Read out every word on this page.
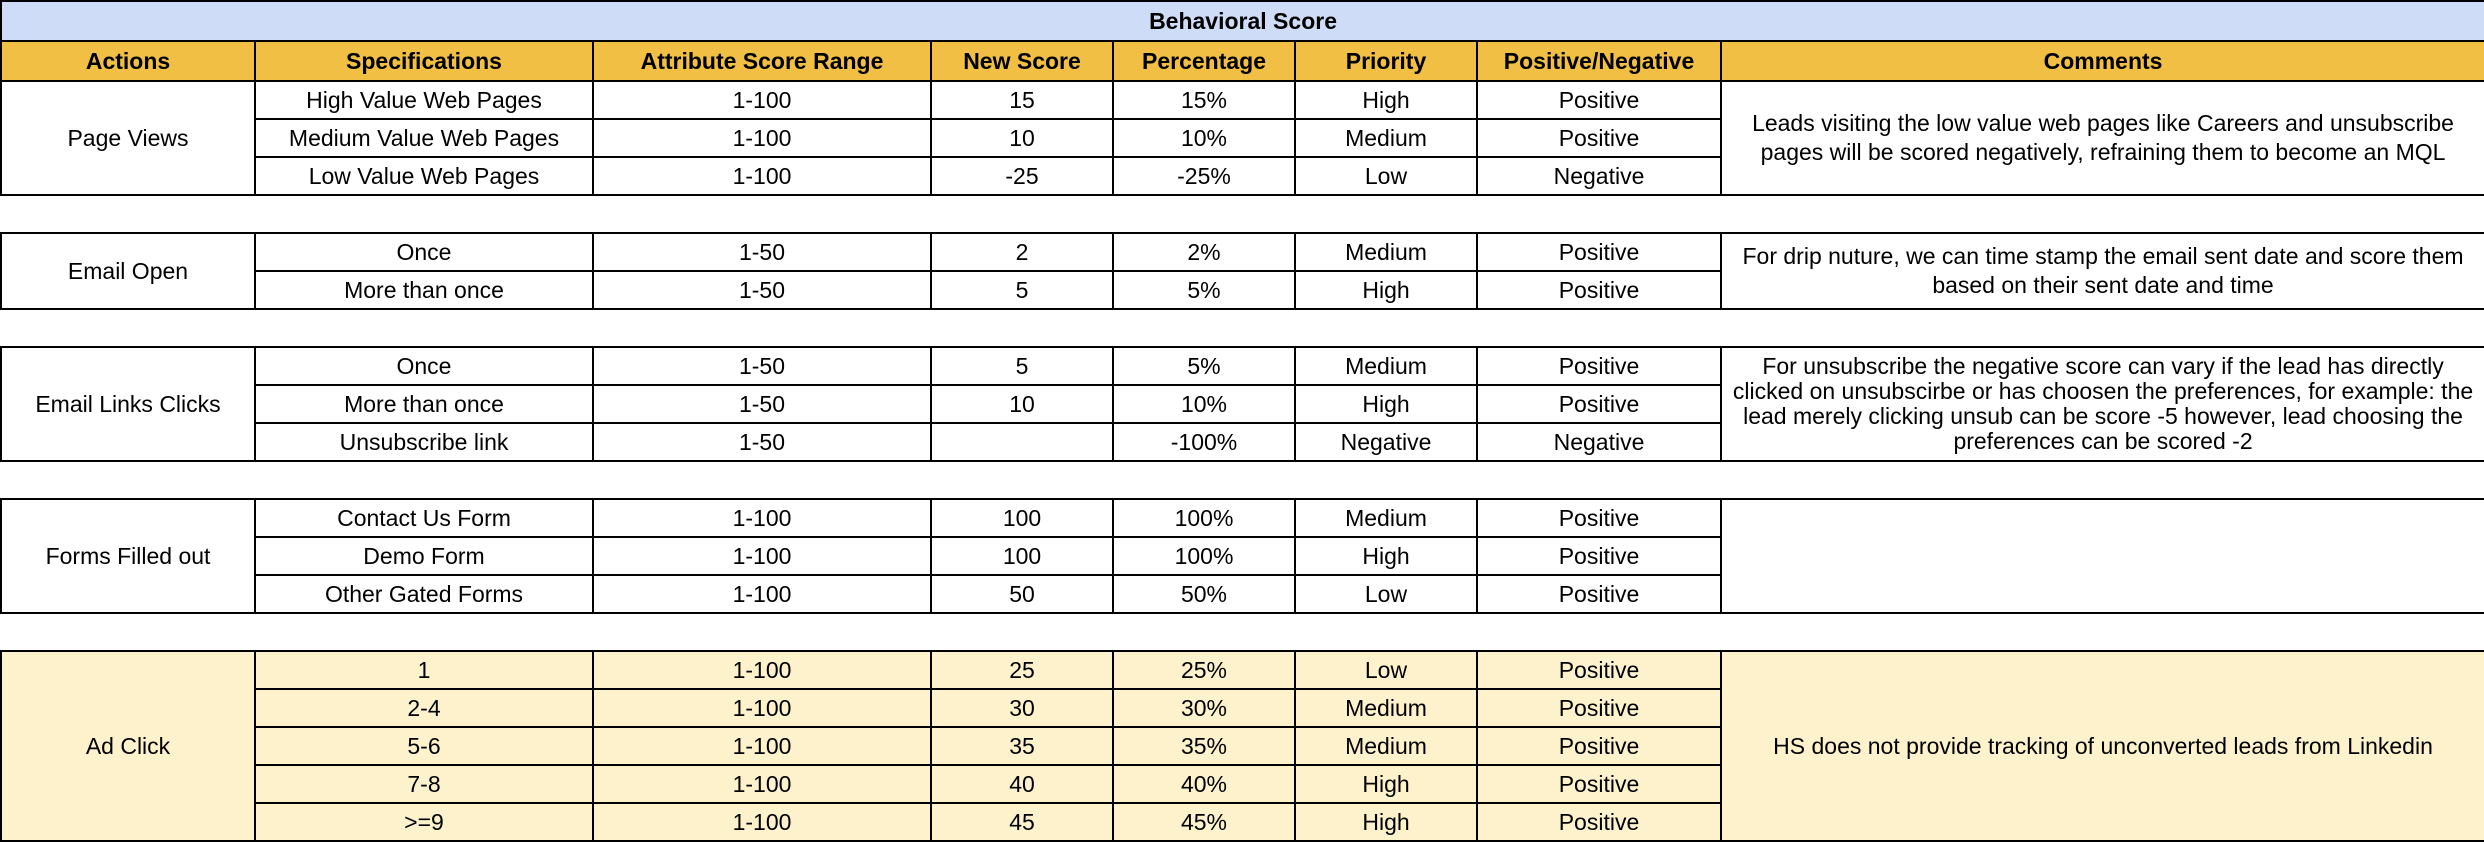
Behavioral Score							
Actions	Specifications	Attribute Score Range	New Score	Percentage	Priority	Positive/Negative	Comments
Page Views	High Value Web Pages	1-100	15	15%	High	Positive	Leads visiting the low value web pages like Careers and unsubscribe pages will be scored negatively, refraining them to become an MQL
	Medium Value Web Pages	1-100	10	10%	Medium	Positive	
	Low Value Web Pages	1-100	-25	-25%	Low	Negative	

Email Open	Once	1-50	2	2%	Medium	Positive	For drip nuture, we can time stamp the email sent date and score them based on their sent date and time
	More than once	1-50	5	5%	High	Positive	

Email Links Clicks	Once	1-50	5	5%	Medium	Positive	For unsubscribe the negative score can vary if the lead has directly clicked on unsubscirbe or has choosen the preferences, for example: the lead merely clicking unsub can be score -5 however, lead choosing the preferences can be scored -2
	More than once	1-50	10	10%	High	Positive	
	Unsubscribe link	1-50		-100%	Negative	Negative	

Forms Filled out	Contact Us Form	1-100	100	100%	Medium	Positive	
	Demo Form	1-100	100	100%	High	Positive	
	Other Gated Forms	1-100	50	50%	Low	Positive	

Ad Click	1	1-100	25	25%	Low	Positive	HS does not provide tracking of unconverted leads from Linkedin
	2-4	1-100	30	30%	Medium	Positive	
	5-6	1-100	35	35%	Medium	Positive	
	7-8	1-100	40	40%	High	Positive	
	>=9	1-100	45	45%	High	Positive	
